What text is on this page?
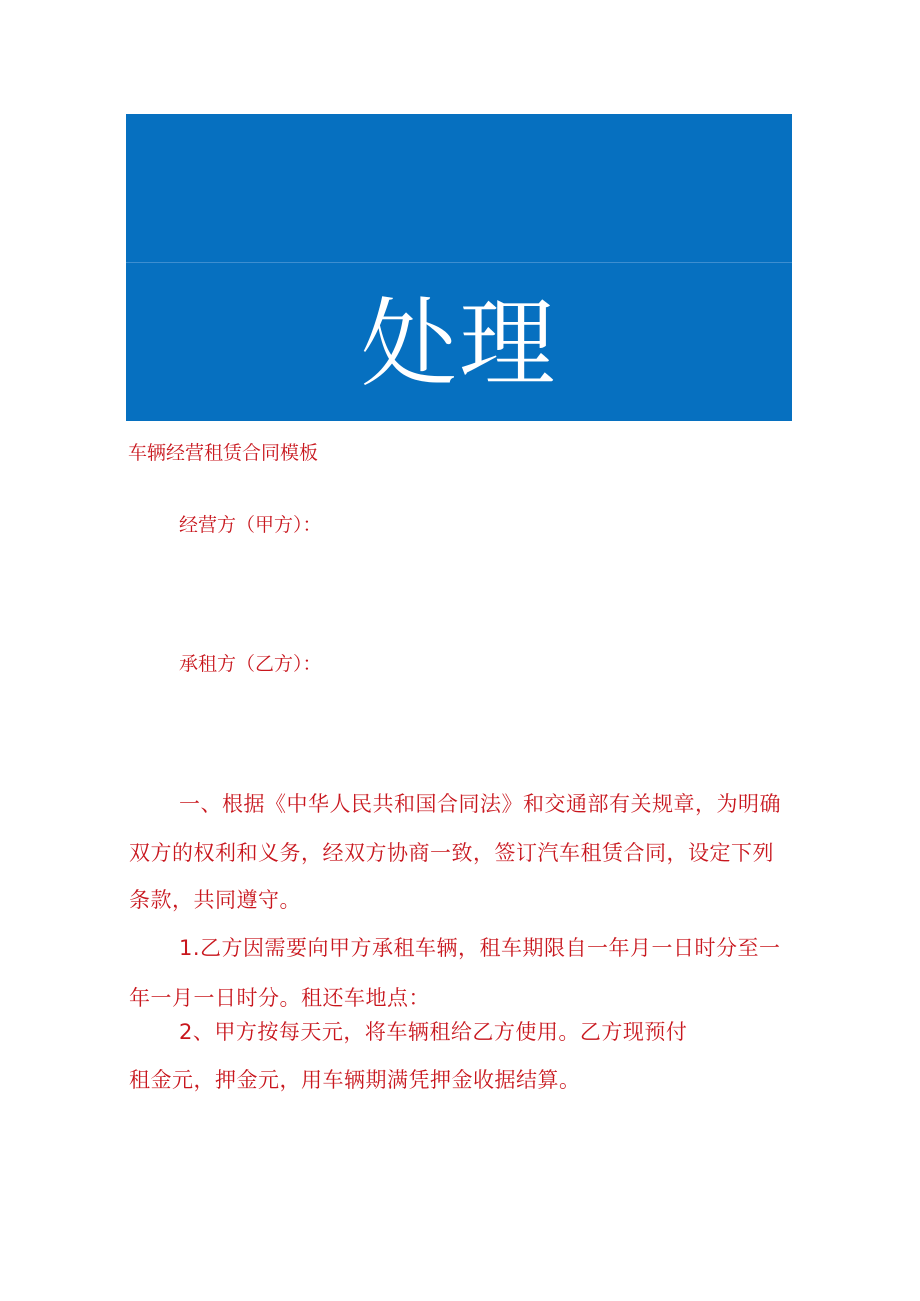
账务
处理
车辆经营租赁合同模板
经营方（甲方）：
承租方（乙方）：
一、根据《中华人民共和国合同法》和交通部有关规章，为明确
双方的权利和义务，经双方协商一致，签订汽车租赁合同，设定下列
条款，共同遵守。
1.乙方因需要向甲方承租车辆，租车期限自一年月一日时分至一
年一月一日时分。租还车地点：
2、甲方按每天元，将车辆租给乙方使用。乙方现预付
租金元，押金元，用车辆期满凭押金收据结算。
